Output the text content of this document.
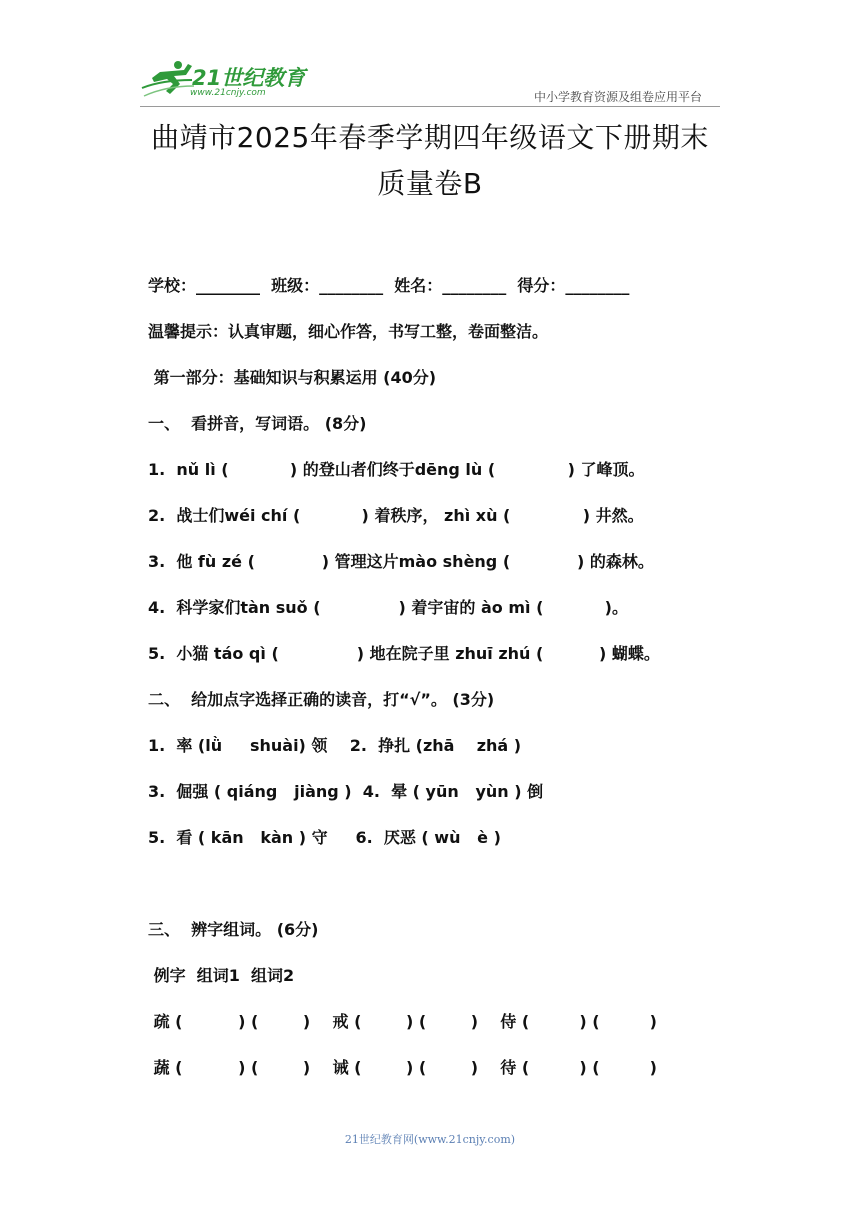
21世纪教育
www.21cnjy.com	中小学教育资源及组卷应用平台
曲靖市2025年春季学期四年级语文下册期末
质量卷B
学校：________  班级：________  姓名：________  得分：________
温馨提示：认真审题，细心作答，书写工整，卷面整洁。
第一部分：基础知识与积累运用 (40分)
一、  看拼音，写词语。 (8分)
1.  nǔ lì (           ) 的登山者们终于dēng lù (             ) 了峰顶。
2.  战士们wéi chí (           ) 着秩序， zhì xù (             ) 井然。
3.  他 fù zé (            ) 管理这片mào shèng (            ) 的森林。
4.  科学家们tàn suǒ (              ) 着宇宙的 ào mì (           )。
5.  小猫 táo qì (              ) 地在院子里 zhuī zhú (          ) 蝴蝶。
二、  给加点字选择正确的读音，打“√”。 (3分)
1.  率 (lǜ     shuài) 领    2.  挣扎 (zhā    zhá )
3.  倔强 ( qiáng   jiàng )  4.  晕 ( yūn   yùn ) 倒
5.  看 ( kān   kàn ) 守     6.  厌恶 ( wù   è )
三、  辨字组词。 (6分)
例字  组词1  组词2
疏 (          ) (        )    戒 (        ) (        )    侍 (         ) (         )
蔬 (          ) (        )    诫 (        ) (        )    待 (         ) (         )
21世纪教育网(www.21cnjy.com)
